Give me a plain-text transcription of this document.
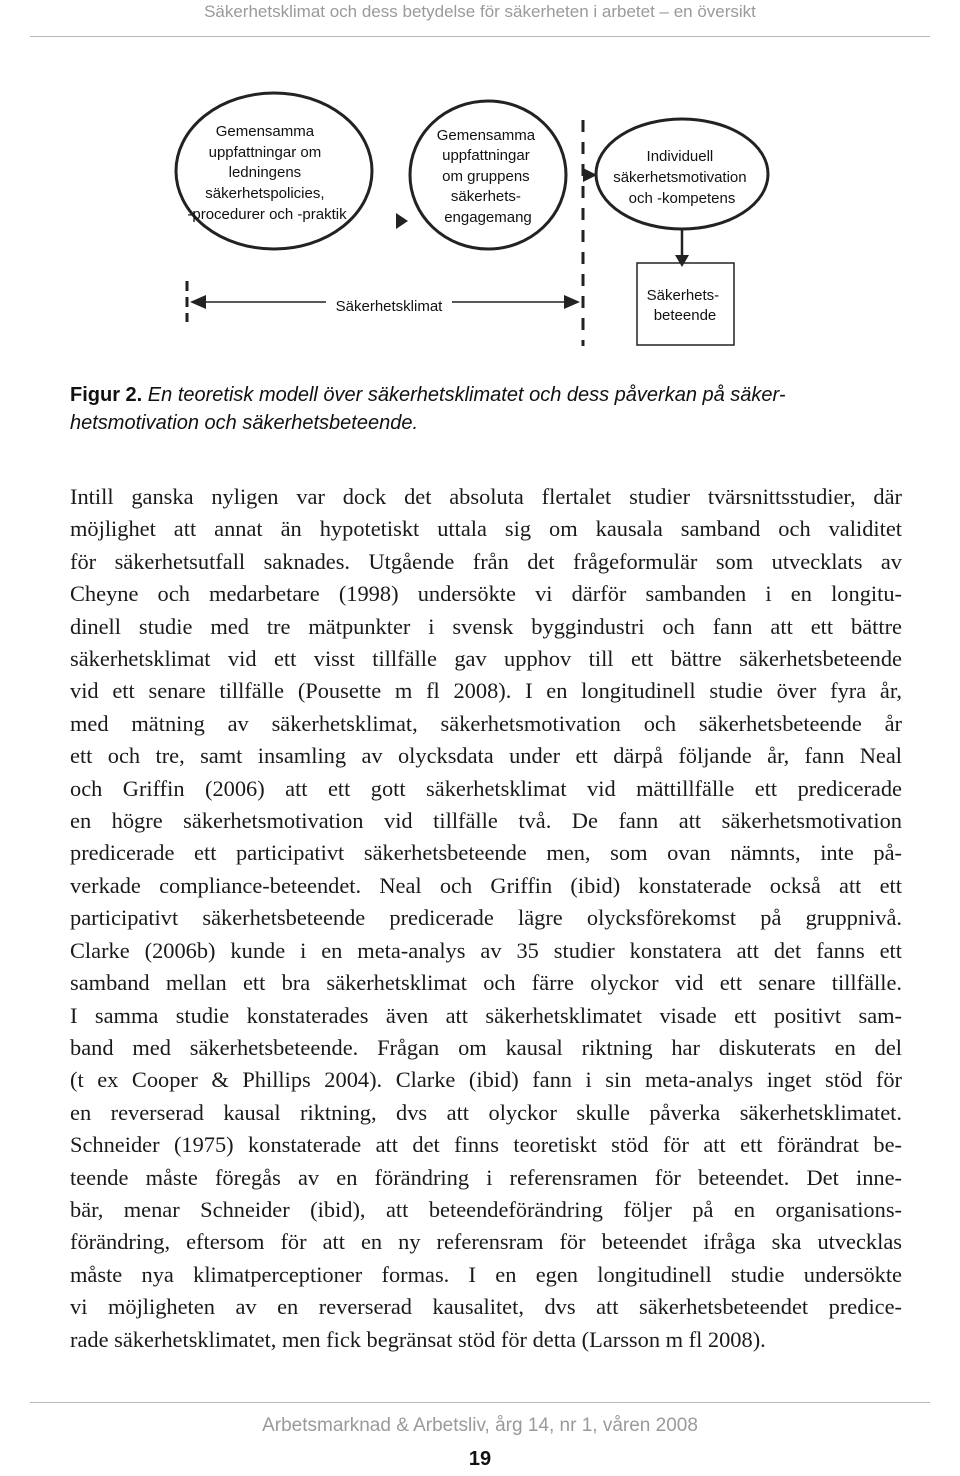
Säkerhetsklimat och dess betydelse för säkerheten i arbetet – en översikt
Säkerhetsklimat
Gemensamma uppfattningar om ledningens säkerhetspolicies, -procedurer och -praktik
Gemensamma uppfattningar om gruppens säkerhets- engagemang
Individuell säkerhetsmotivation och -kompetens
Säkerhets- beteende
Figur 2. En teoretisk modell över säkerhetsklimatet och dess påverkan på säker-
hetsmotivation och säkerhetsbeteende.
Intill ganska nyligen var dock det absoluta flertalet studier tvärsnittsstudier, där
möjlighet att annat än hypotetiskt uttala sig om kausala samband och validitet
för säkerhetsutfall saknades. Utgående från det frågeformulär som utvecklats av
Cheyne och medarbetare (1998) undersökte vi därför sambanden i en longitu-
dinell studie med tre mätpunkter i svensk byggindustri och fann att ett bättre
säkerhetsklimat vid ett visst tillfälle gav upphov till ett bättre säkerhetsbeteende
vid ett senare tillfälle (Pousette m fl 2008). I en longitudinell studie över fyra år,
med mätning av säkerhetsklimat, säkerhetsmotivation och säkerhetsbeteende år
ett och tre, samt insamling av olycksdata under ett därpå följande år, fann Neal
och Griffin (2006) att ett gott säkerhetsklimat vid mättillfälle ett predicerade
en högre säkerhetsmotivation vid tillfälle två. De fann att säkerhetsmotivation
predicerade ett participativt säkerhetsbeteende men, som ovan nämnts, inte på-
verkade compliance-beteendet. Neal och Griffin (ibid) konstaterade också att ett
participativt säkerhetsbeteende predicerade lägre olycksförekomst på gruppnivå.
Clarke (2006b) kunde i en meta-analys av 35 studier konstatera att det fanns ett
samband mellan ett bra säkerhetsklimat och färre olyckor vid ett senare tillfälle.
I samma studie konstaterades även att säkerhetsklimatet visade ett positivt sam-
band med säkerhetsbeteende. Frågan om kausal riktning har diskuterats en del
(t ex Cooper & Phillips 2004). Clarke (ibid) fann i sin meta-analys inget stöd för
en reverserad kausal riktning, dvs att olyckor skulle påverka säkerhetsklimatet.
Schneider (1975) konstaterade att det finns teoretiskt stöd för att ett förändrat be-
teende måste föregås av en förändring i referensramen för beteendet. Det inne-
bär, menar Schneider (ibid), att beteendeförändring följer på en organisations-
förändring, eftersom för att en ny referensram för beteendet ifråga ska utvecklas
måste nya klimatperceptioner formas. I en egen longitudinell studie undersökte
vi möjligheten av en reverserad kausalitet, dvs att säkerhetsbeteendet predice-
rade säkerhetsklimatet, men fick begränsat stöd för detta (Larsson m fl 2008).
Arbetsmarknad & Arbetsliv, årg 14, nr 1, våren 2008
19
